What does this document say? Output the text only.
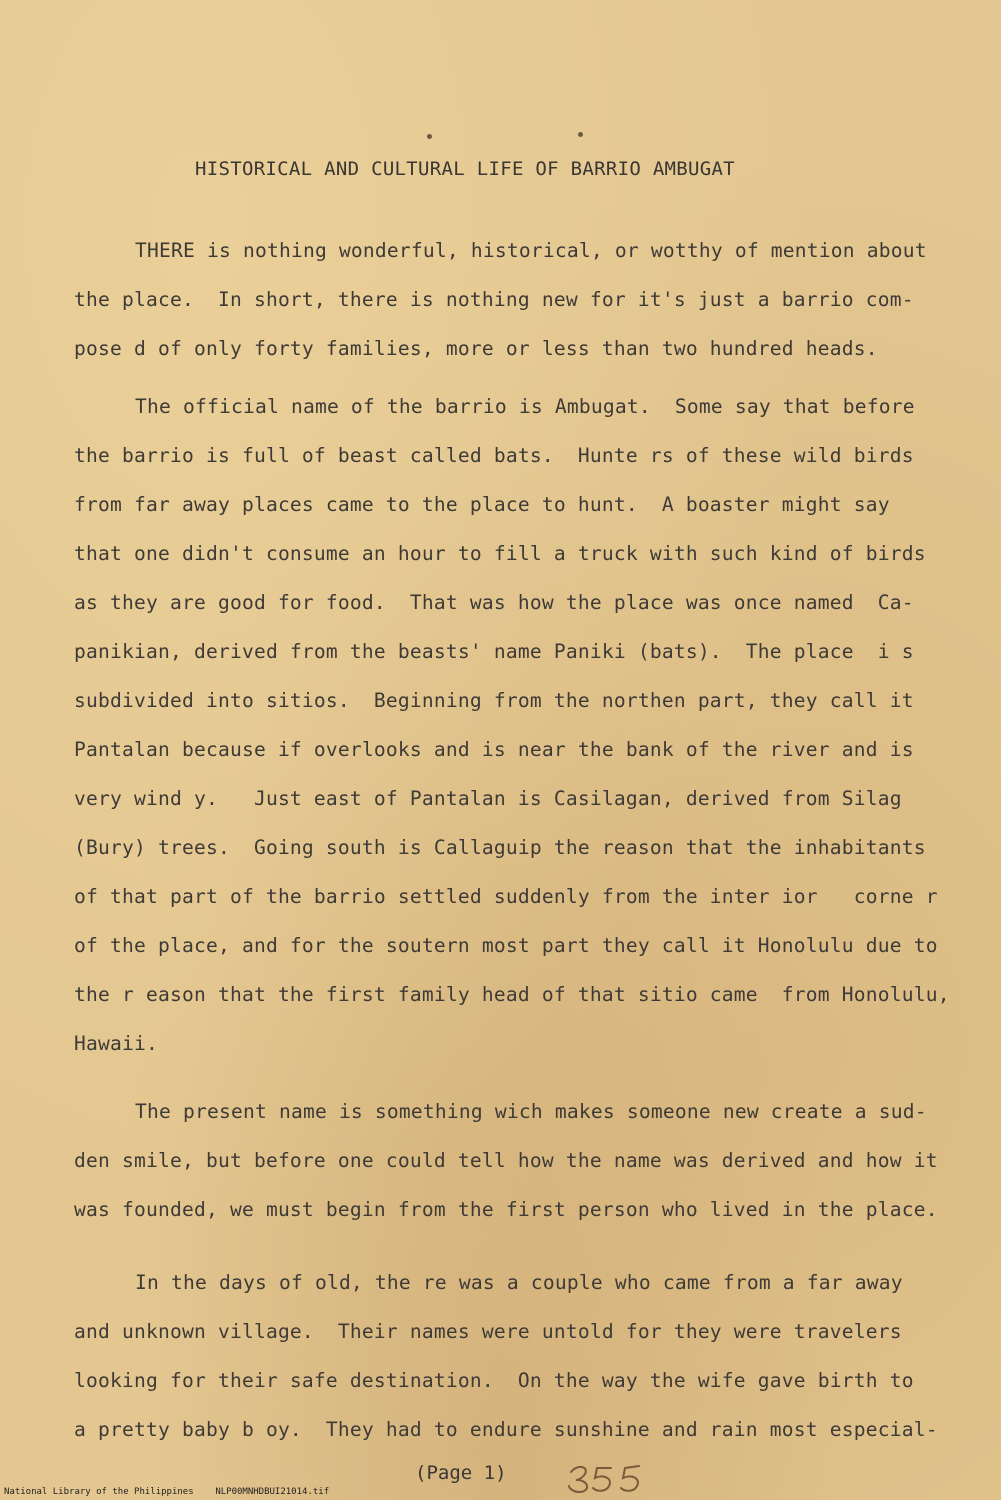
HISTORICAL AND CULTURAL LIFE OF BARRIO AMBUGAT
THERE is nothing wonderful, historical, or wotthy of mention about
the place.  In short, there is nothing new for it's just a barrio com-
pose d of only forty families, more or less than two hundred heads.
The official name of the barrio is Ambugat.  Some say that before
the barrio is full of beast called bats.  Hunte rs of these wild birds
from far away places came to the place to hunt.  A boaster might say
that one didn't consume an hour to fill a truck with such kind of birds
as they are good for food.  That was how the place was once named  Ca-
panikian, derived from the beasts' name Paniki (bats).  The place  i s
subdivided into sitios.  Beginning from the northen part, they call it
Pantalan because if overlooks and is near the bank of the river and is
very wind y.   Just east of Pantalan is Casilagan, derived from Silag
(Bury) trees.  Going south is Callaguip the reason that the inhabitants
of that part of the barrio settled suddenly from the inter ior   corne r
of the place, and for the soutern most part they call it Honolulu due to
the r eason that the first family head of that sitio came  from Honolulu,
Hawaii.
The present name is something wich makes someone new create a sud-
den smile, but before one could tell how the name was derived and how it
was founded, we must begin from the first person who lived in the place.
In the days of old, the re was a couple who came from a far away
and unknown village.  Their names were untold for they were travelers
looking for their safe destination.  On the way the wife gave birth to
a pretty baby b oy.  They had to endure sunshine and rain most especial-
(Page 1)
National Library of the Philippines    NLP00MNHDBUI21014.tif
